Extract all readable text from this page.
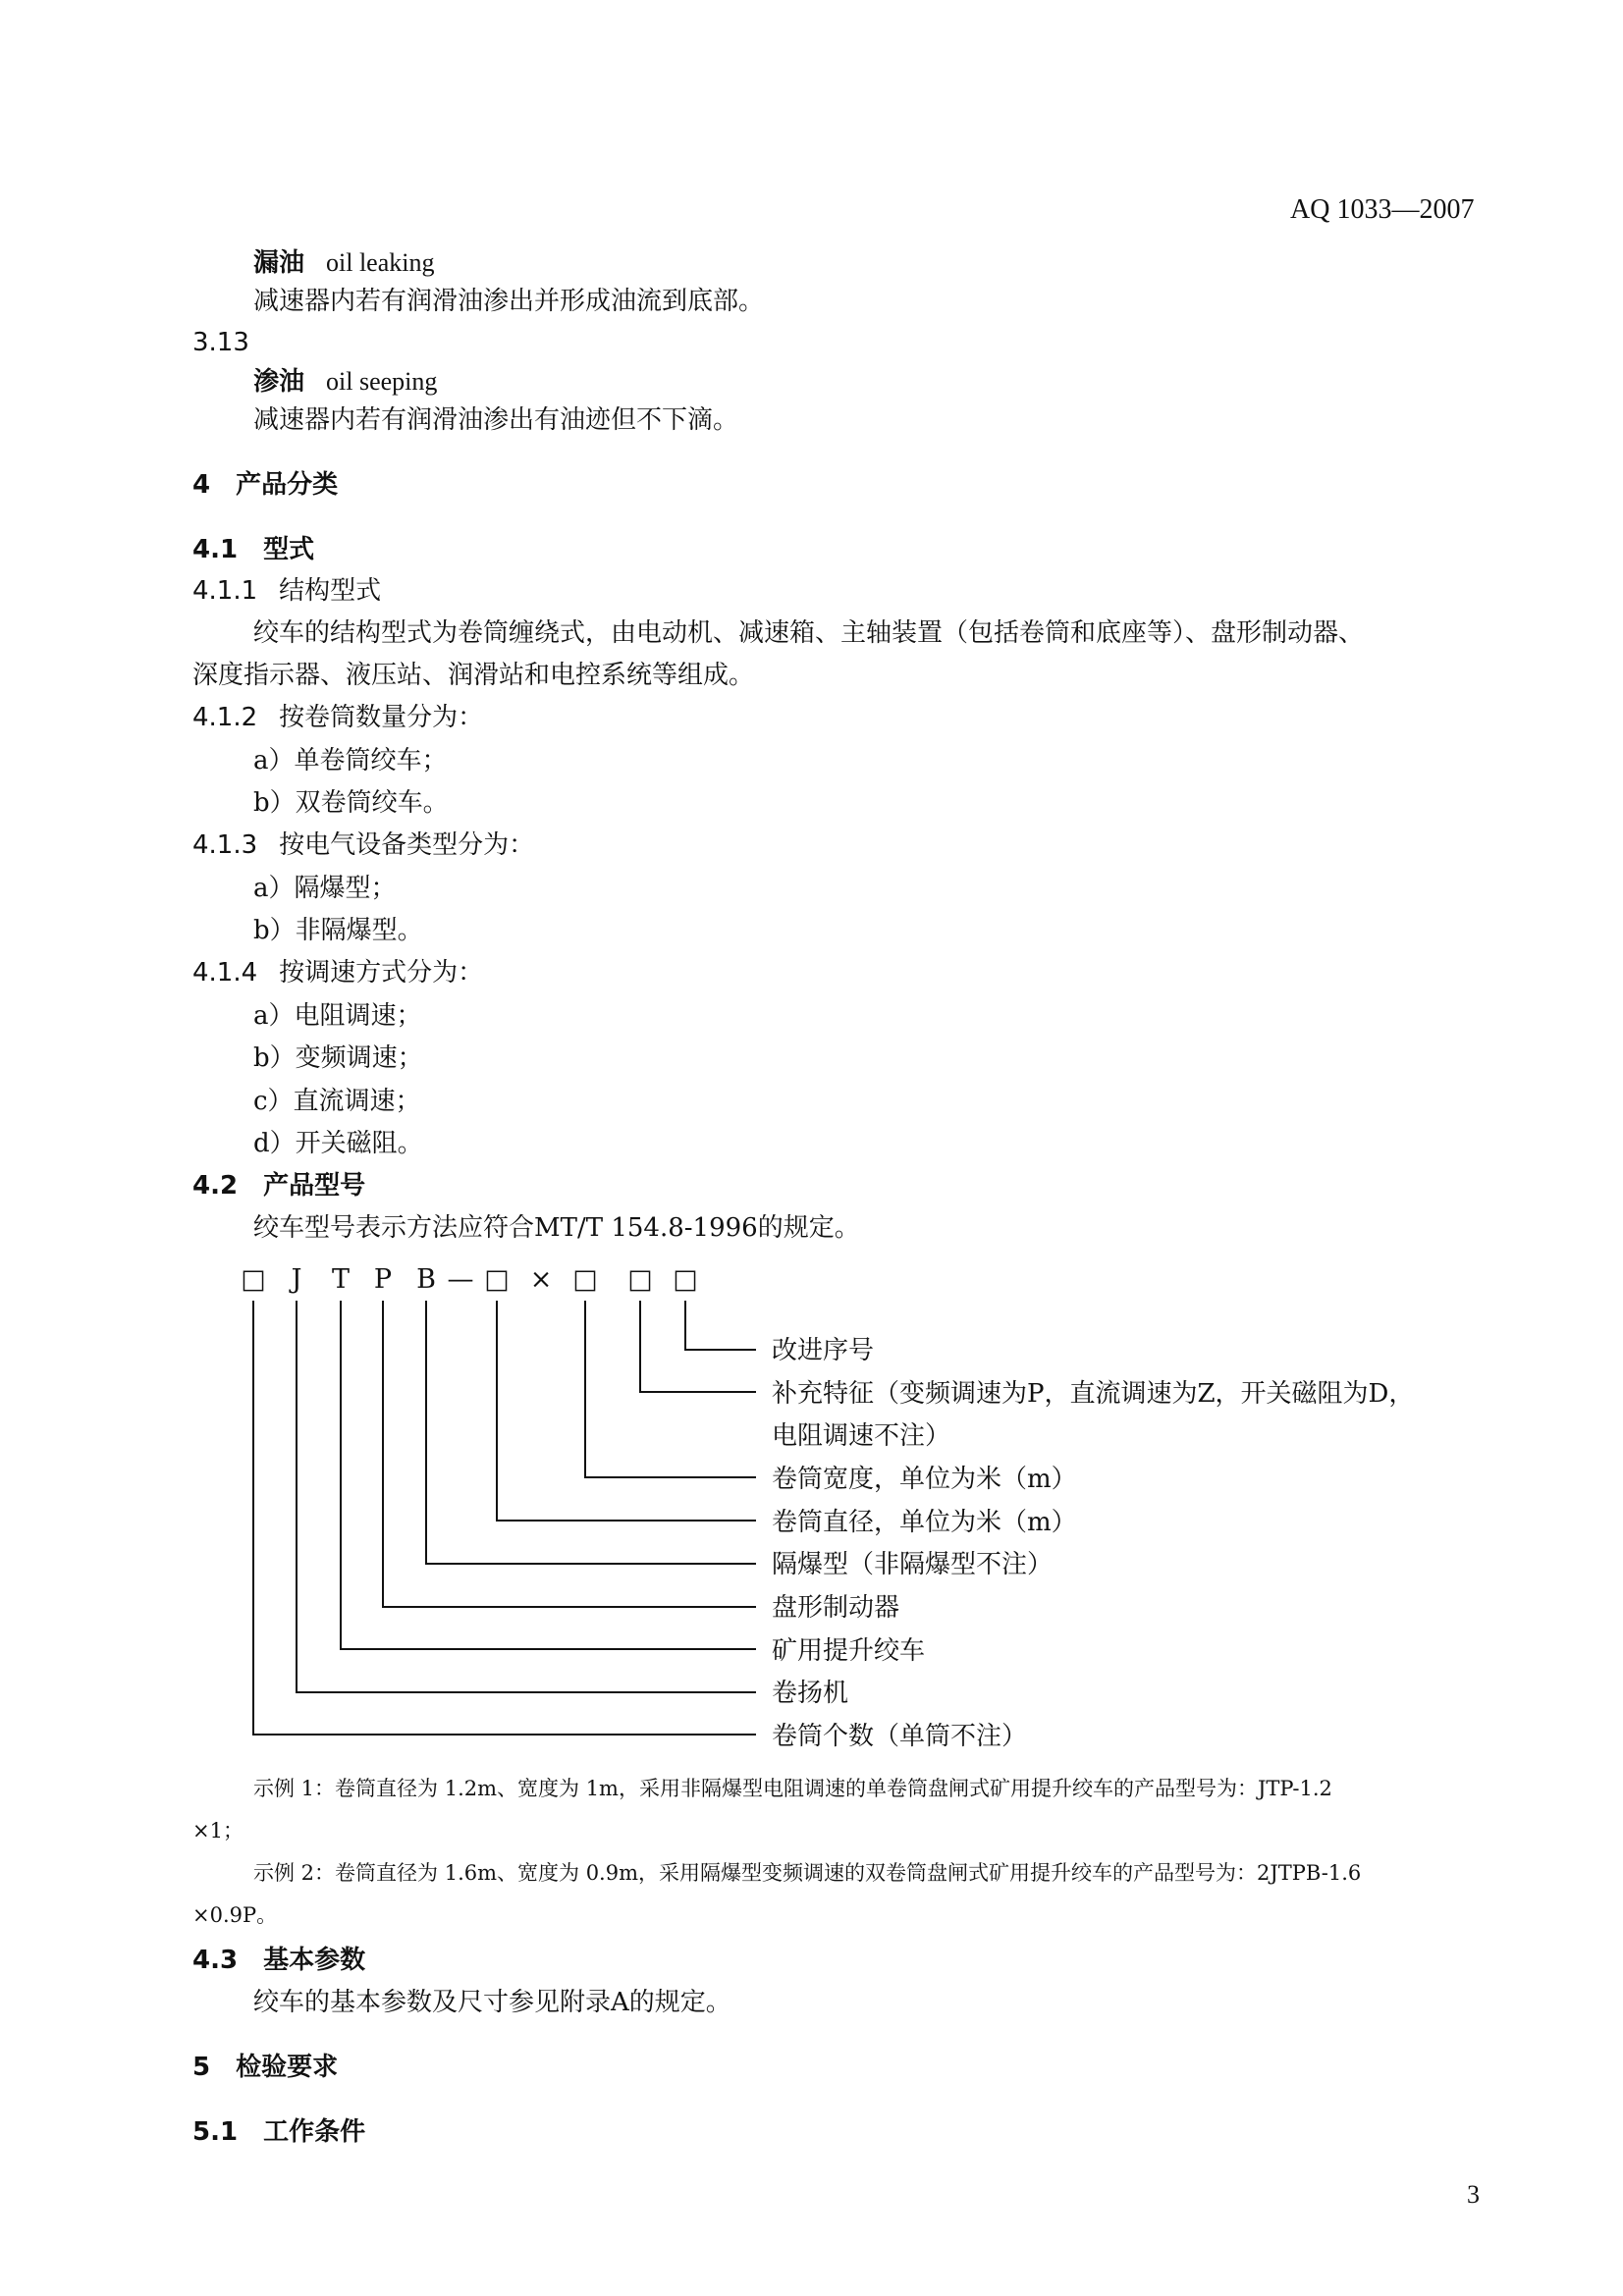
AQ 1033—2007
漏油 oil leaking
减速器内若有润滑油渗出并形成油流到底部。
3.13
渗油 oil seeping
减速器内若有润滑油渗出有油迹但不下滴。
4 产品分类
4.1 型式
4.1.1 结构型式
绞车的结构型式为卷筒缠绕式，由电动机、减速箱、主轴装置（包括卷筒和底座等）、盘形制动器、
深度指示器、液压站、润滑站和电控系统等组成。
4.1.2 按卷筒数量分为：
a）单卷筒绞车；
b）双卷筒绞车。
4.1.3 按电气设备类型分为：
a）隔爆型；
b）非隔爆型。
4.1.4 按调速方式分为：
a）电阻调速；
b）变频调速；
c）直流调速；
d）开关磁阻。
4.2 产品型号
绞车型号表示方法应符合MT/T 154.8-1996的规定。
□ J T P B — □ × □ □ □
改进序号
补充特征（变频调速为P，直流调速为Z，开关磁阻为D，
电阻调速不注）
卷筒宽度，单位为米（m）
卷筒直径，单位为米（m）
隔爆型（非隔爆型不注）
盘形制动器
矿用提升绞车
卷扬机
卷筒个数（单筒不注）
示例 1：卷筒直径为 1.2m、宽度为 1m，采用非隔爆型电阻调速的单卷筒盘闸式矿用提升绞车的产品型号为：JTP-1.2
×1；
示例 2：卷筒直径为 1.6m、宽度为 0.9m，采用隔爆型变频调速的双卷筒盘闸式矿用提升绞车的产品型号为：2JTPB-1.6
×0.9P。
4.3 基本参数
绞车的基本参数及尺寸参见附录A的规定。
5 检验要求
5.1 工作条件
3
